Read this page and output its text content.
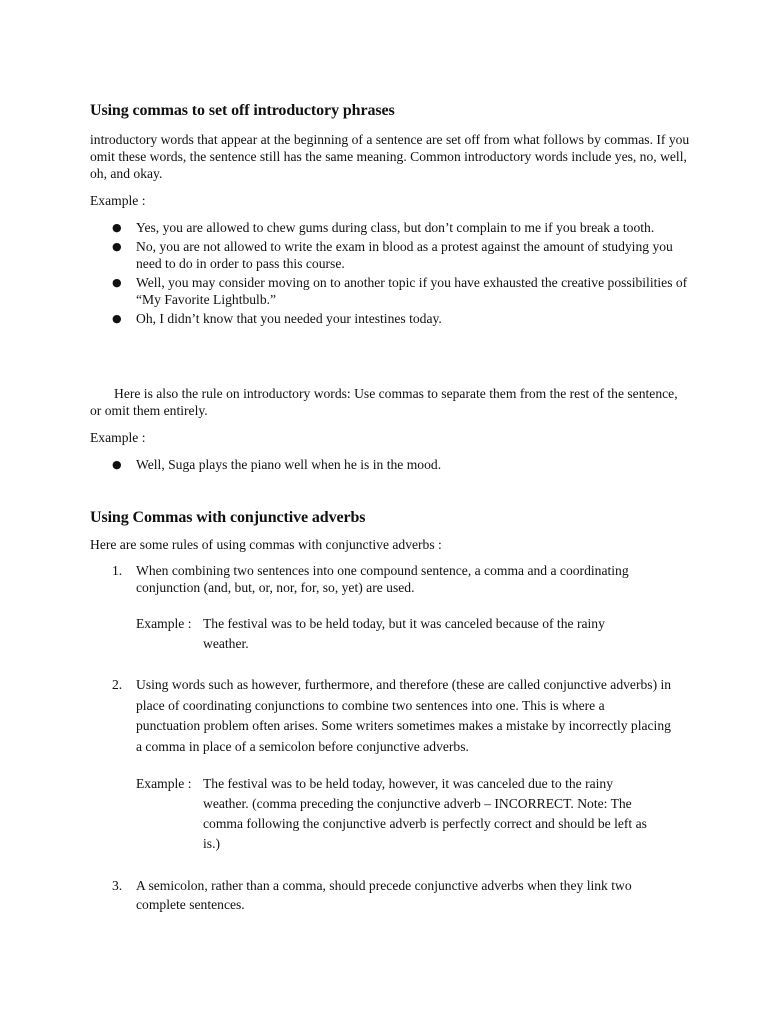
Using commas to set off introductory phrases

introductory words that appear at the beginning of a sentence are set off from what follows by commas. If you omit these words, the sentence still has the same meaning. Common introductory words include yes, no, well, oh, and okay.

Example :

● Yes, you are allowed to chew gums during class, but don’t complain to me if you break a tooth.
● No, you are not allowed to write the exam in blood as a protest against the amount of studying you need to do in order to pass this course.
● Well, you may consider moving on to another topic if you have exhausted the creative possibilities of “My Favorite Lightbulb.”
● Oh, I didn’t know that you needed your intestines today.

Here is also the rule on introductory words: Use commas to separate them from the rest of the sentence, or omit them entirely.

Example :

● Well, Suga plays the piano well when he is in the mood.
Using Commas with conjunctive adverbs

Here are some rules of using commas with conjunctive adverbs :

1.	When combining two sentences into one compound sentence, a comma and a coordinating conjunction (and, but, or, nor, for, so, yet) are used.
Example : The festival was to be held today, but it was canceled because of the rainy
weather.
2.	Using words such as however, furthermore, and therefore (these are called conjunctive adverbs) in place of coordinating conjunctions to combine two sentences into one. This is where a punctuation problem often arises. Some writers sometimes makes a mistake by incorrectly placing a comma in place of a semicolon before conjunctive adverbs.
Example : The festival was to be held today, however, it was canceled due to the rainy
weather. (comma preceding the conjunctive adverb – INCORRECT. Note: The comma following the conjunctive adverb is perfectly correct and should be left as is.)
3.	A semicolon, rather than a comma, should precede conjunctive adverbs when they link two complete sentences.
